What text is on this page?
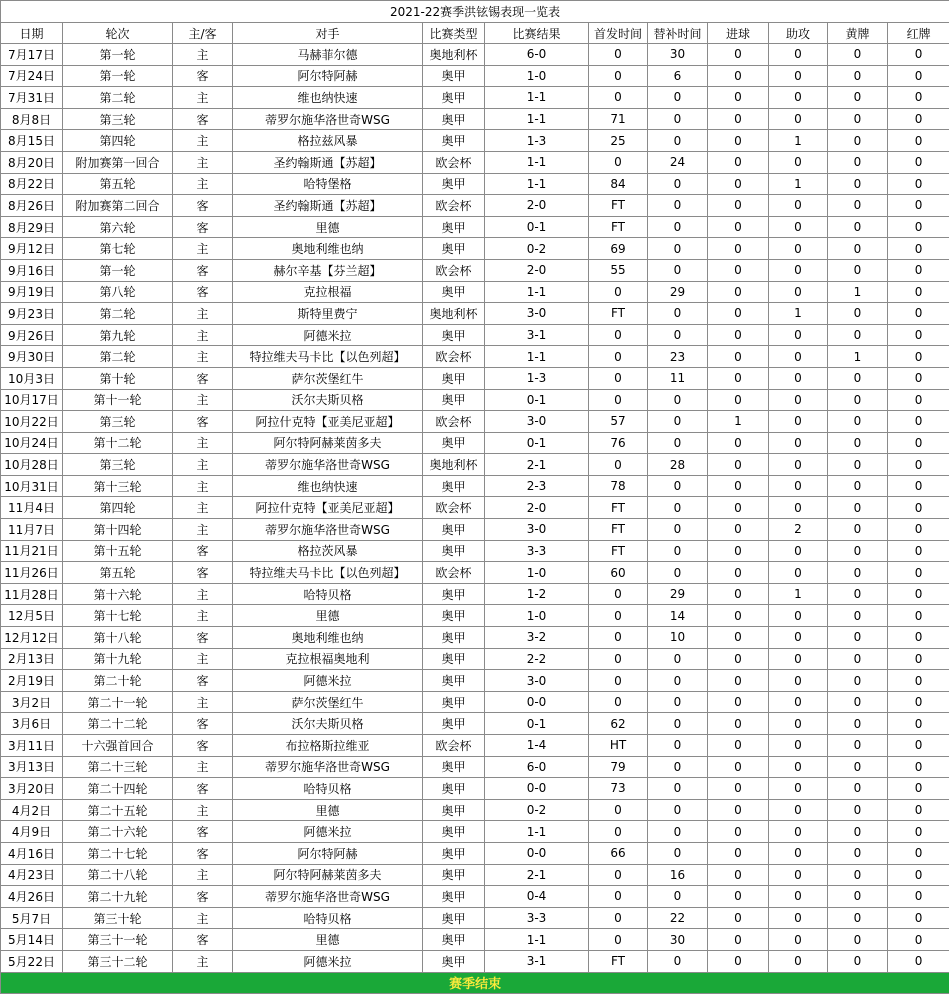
2021-22赛季洪铉锡表现一览表											
日期	轮次	主/客	对手	比赛类型	比赛结果	首发时间	替补时间	进球	助攻	黄牌	红牌
7月17日	第一轮	主	马赫菲尔德	奥地利杯	6-0	0	30	0	0	0	0
7月24日	第一轮	客	阿尔特阿赫	奥甲	1-0	0	6	0	0	0	0
7月31日	第二轮	主	维也纳快速	奥甲	1-1	0	0	0	0	0	0
8月8日	第三轮	客	蒂罗尔施华洛世奇WSG	奥甲	1-1	71	0	0	0	0	0
8月15日	第四轮	主	格拉兹风暴	奥甲	1-3	25	0	0	1	0	0
8月20日	附加赛第一回合	主	圣约翰斯通【苏超】	欧会杯	1-1	0	24	0	0	0	0
8月22日	第五轮	主	哈特堡格	奥甲	1-1	84	0	0	1	0	0
8月26日	附加赛第二回合	客	圣约翰斯通【苏超】	欧会杯	2-0	FT	0	0	0	0	0
8月29日	第六轮	客	里德	奥甲	0-1	FT	0	0	0	0	0
9月12日	第七轮	主	奥地利维也纳	奥甲	0-2	69	0	0	0	0	0
9月16日	第一轮	客	赫尔辛基【芬兰超】	欧会杯	2-0	55	0	0	0	0	0
9月19日	第八轮	客	克拉根福	奥甲	1-1	0	29	0	0	1	0
9月23日	第二轮	主	斯特里费宁	奥地利杯	3-0	FT	0	0	1	0	0
9月26日	第九轮	主	阿德米拉	奥甲	3-1	0	0	0	0	0	0
9月30日	第二轮	主	特拉维夫马卡比【以色列超】	欧会杯	1-1	0	23	0	0	1	0
10月3日	第十轮	客	萨尔茨堡红牛	奥甲	1-3	0	11	0	0	0	0
10月17日	第十一轮	主	沃尔夫斯贝格	奥甲	0-1	0	0	0	0	0	0
10月22日	第三轮	客	阿拉什克特【亚美尼亚超】	欧会杯	3-0	57	0	1	0	0	0
10月24日	第十二轮	主	阿尔特阿赫莱茵多夫	奥甲	0-1	76	0	0	0	0	0
10月28日	第三轮	主	蒂罗尔施华洛世奇WSG	奥地利杯	2-1	0	28	0	0	0	0
10月31日	第十三轮	主	维也纳快速	奥甲	2-3	78	0	0	0	0	0
11月4日	第四轮	主	阿拉什克特【亚美尼亚超】	欧会杯	2-0	FT	0	0	0	0	0
11月7日	第十四轮	主	蒂罗尔施华洛世奇WSG	奥甲	3-0	FT	0	0	2	0	0
11月21日	第十五轮	客	格拉茨风暴	奥甲	3-3	FT	0	0	0	0	0
11月26日	第五轮	客	特拉维夫马卡比【以色列超】	欧会杯	1-0	60	0	0	0	0	0
11月28日	第十六轮	主	哈特贝格	奥甲	1-2	0	29	0	1	0	0
12月5日	第十七轮	主	里德	奥甲	1-0	0	14	0	0	0	0
12月12日	第十八轮	客	奥地利维也纳	奥甲	3-2	0	10	0	0	0	0
2月13日	第十九轮	主	克拉根福奥地利	奥甲	2-2	0	0	0	0	0	0
2月19日	第二十轮	客	阿德米拉	奥甲	3-0	0	0	0	0	0	0
3月2日	第二十一轮	主	萨尔茨堡红牛	奥甲	0-0	0	0	0	0	0	0
3月6日	第二十二轮	客	沃尔夫斯贝格	奥甲	0-1	62	0	0	0	0	0
3月11日	十六强首回合	客	布拉格斯拉维亚	欧会杯	1-4	HT	0	0	0	0	0
3月13日	第二十三轮	主	蒂罗尔施华洛世奇WSG	奥甲	6-0	79	0	0	0	0	0
3月20日	第二十四轮	客	哈特贝格	奥甲	0-0	73	0	0	0	0	0
4月2日	第二十五轮	主	里德	奥甲	0-2	0	0	0	0	0	0
4月9日	第二十六轮	客	阿德米拉	奥甲	1-1	0	0	0	0	0	0
4月16日	第二十七轮	客	阿尔特阿赫	奥甲	0-0	66	0	0	0	0	0
4月23日	第二十八轮	主	阿尔特阿赫莱茵多夫	奥甲	2-1	0	16	0	0	0	0
4月26日	第二十九轮	客	蒂罗尔施华洛世奇WSG	奥甲	0-4	0	0	0	0	0	0
5月7日	第三十轮	主	哈特贝格	奥甲	3-3	0	22	0	0	0	0
5月14日	第三十一轮	客	里德	奥甲	1-1	0	30	0	0	0	0
5月22日	第三十二轮	主	阿德米拉	奥甲	3-1	FT	0	0	0	0	0
赛季结束											
